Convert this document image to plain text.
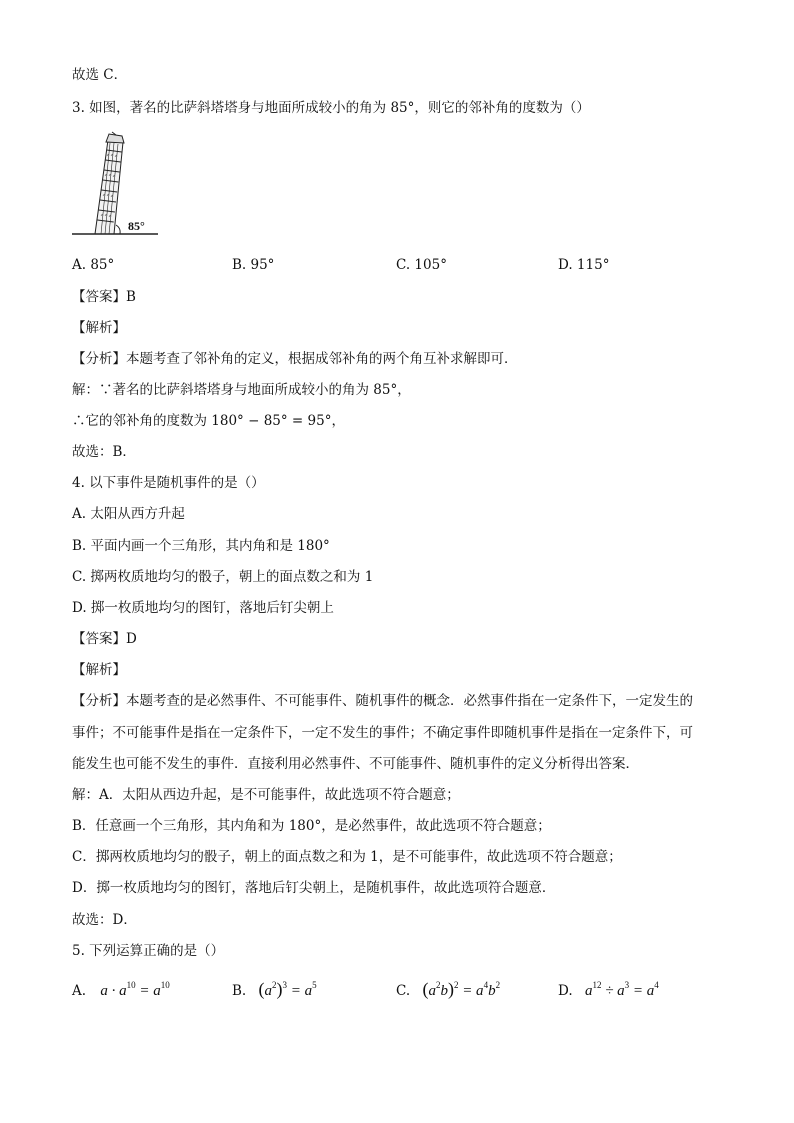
故选 C．
3. 如图，著名的比萨斜塔塔身与地面所成较小的角为 85°，则它的邻补角的度数为（）
85°
A. 85°	B. 95°	C. 105°	D. 115°
【答案】B
【解析】
【分析】本题考查了邻补角的定义，根据成邻补角的两个角互补求解即可．
解：∵著名的比萨斜塔塔身与地面所成较小的角为 85°，
∴它的邻补角的度数为 180° − 85° = 95°，
故选：B．
4. 以下事件是随机事件的是（）
A. 太阳从西方升起
B. 平面内画一个三角形，其内角和是 180°
C. 掷两枚质地均匀的骰子，朝上的面点数之和为 1
D. 掷一枚质地均匀的图钉，落地后钉尖朝上
【答案】D
【解析】
【分析】本题考查的是必然事件、不可能事件、随机事件的概念．必然事件指在一定条件下，一定发生的
事件；不可能事件是指在一定条件下，一定不发生的事件；不确定事件即随机事件是指在一定条件下，可
能发生也可能不发生的事件．直接利用必然事件、不可能事件、随机事件的定义分析得出答案．
解：A．太阳从西边升起，是不可能事件，故此选项不符合题意；
B．任意画一个三角形，其内角和为 180°，是必然事件，故此选项不符合题意；
C．掷两枚质地均匀的骰子，朝上的面点数之和为 1，是不可能事件，故此选项不符合题意；
D．掷一枚质地均匀的图钉，落地后钉尖朝上，是随机事件，故此选项符合题意．
故选：D．
5. 下列运算正确的是（）
A. $a \cdot a^{10} = a^{10}$	B. $(a^2)^3 = a^5$	C. $(a^2b)^2 = a^4b^2$	D. $a^{12} \div a^3 = a^4$
